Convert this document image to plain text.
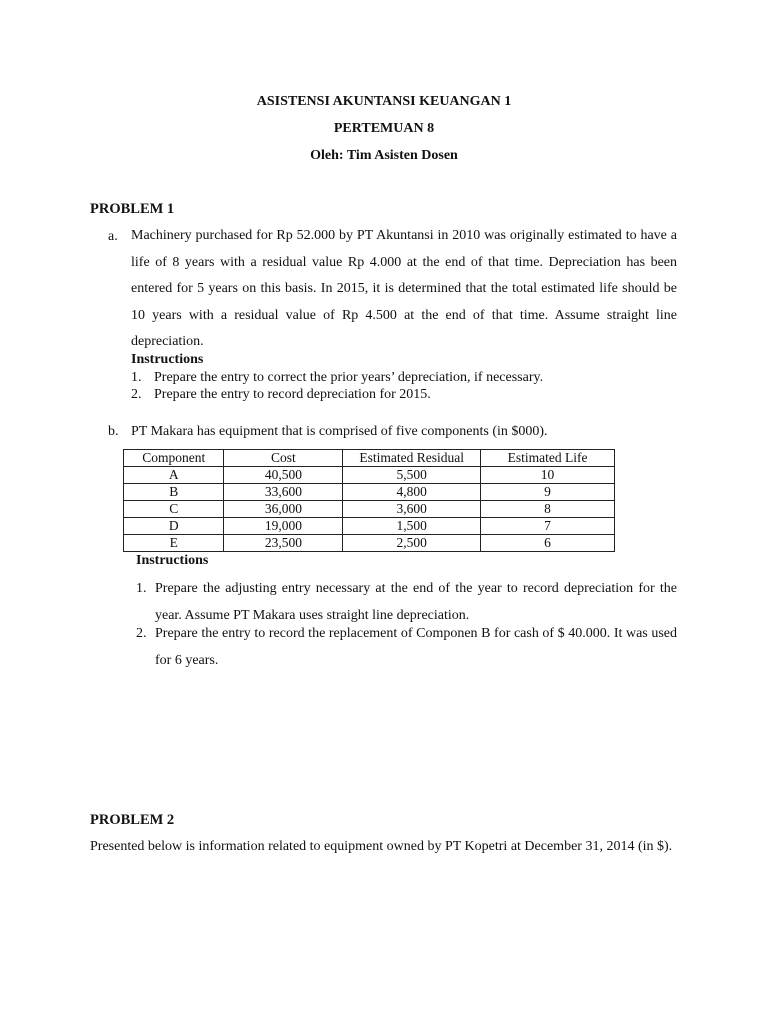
ASISTENSI AKUNTANSI KEUANGAN 1
PERTEMUAN 8
Oleh: Tim Asisten Dosen
PROBLEM 1
a. Machinery purchased for Rp 52.000 by PT Akuntansi in 2010 was originally estimated to have a life of 8 years with a residual value Rp 4.000 at the end of that time. Depreciation has been entered for 5 years on this basis. In 2015, it is determined that the total estimated life should be 10 years with a residual value of Rp 4.500 at the end of that time. Assume straight line depreciation.

Instructions
1. Prepare the entry to correct the prior years’ depreciation, if necessary.
2. Prepare the entry to record depreciation for 2015.
b. PT Makara has equipment that is comprised of five components (in $000).
Component	Cost	Estimated Residual	Estimated Life
A	40,500	5,500	10
B	33,600	4,800	9
C	36,000	3,600	8
D	19,000	1,500	7
E	23,500	2,500	6
Instructions
1. Prepare the adjusting entry necessary at the end of the year to record depreciation for the year. Assume PT Makara uses straight line depreciation.

2. Prepare the entry to record the replacement of Componen B for cash of $ 40.000. It was used for 6 years.

PROBLEM 2

Presented below is information related to equipment owned by PT Kopetri at December 31, 2014 (in $).
